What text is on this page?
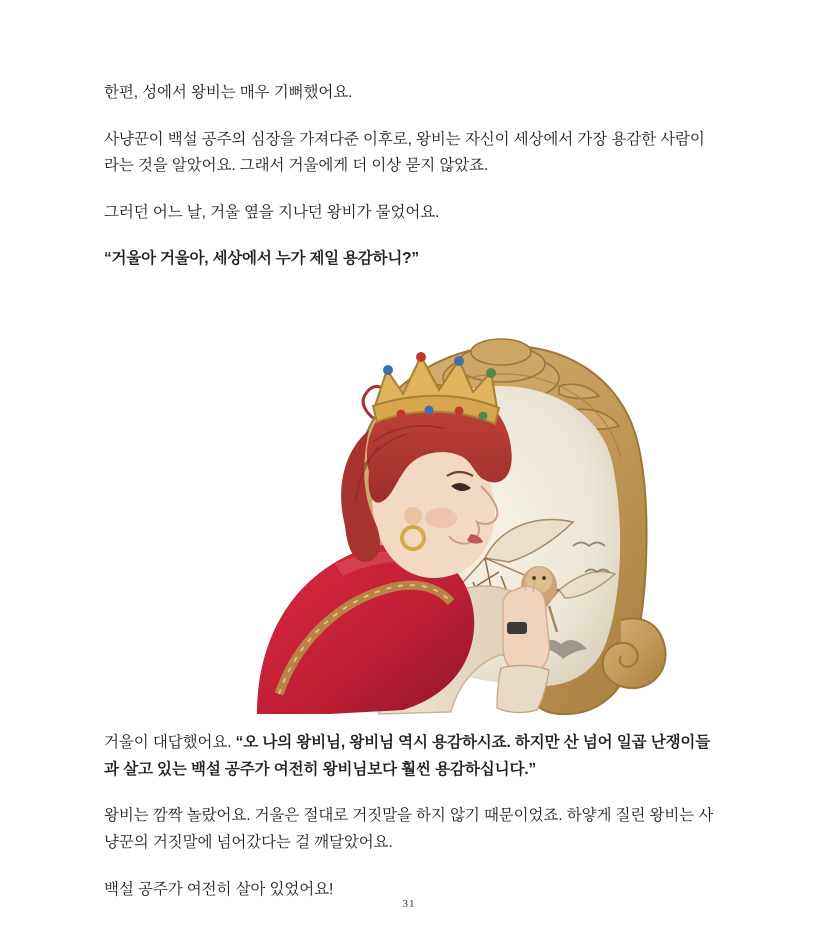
한편, 성에서 왕비는 매우 기뻐했어요.

사냥꾼이 백설 공주의 심장을 가져다준 이후로, 왕비는 자신이 세상에서 가장 용감한 사람이라는 것을 알았어요. 그래서 거울에게 더 이상 묻지 않았죠.

그러던 어느 날, 거울 옆을 지나던 왕비가 물었어요.

“거울아 거울아, 세상에서 누가 제일 용감하니?”

거울이 대답했어요. “오 나의 왕비님, 왕비님 역시 용감하시죠. 하지만 산 넘어 일곱 난쟁이들과 살고 있는 백설 공주가 여전히 왕비님보다 훨씬 용감하십니다.”

왕비는 깜짝 놀랐어요. 거울은 절대로 거짓말을 하지 않기 때문이었죠. 하얗게 질린 왕비는 사냥꾼의 거짓말에 넘어갔다는 걸 깨달았어요.

백설 공주가 여전히 살아 있었어요!

31
